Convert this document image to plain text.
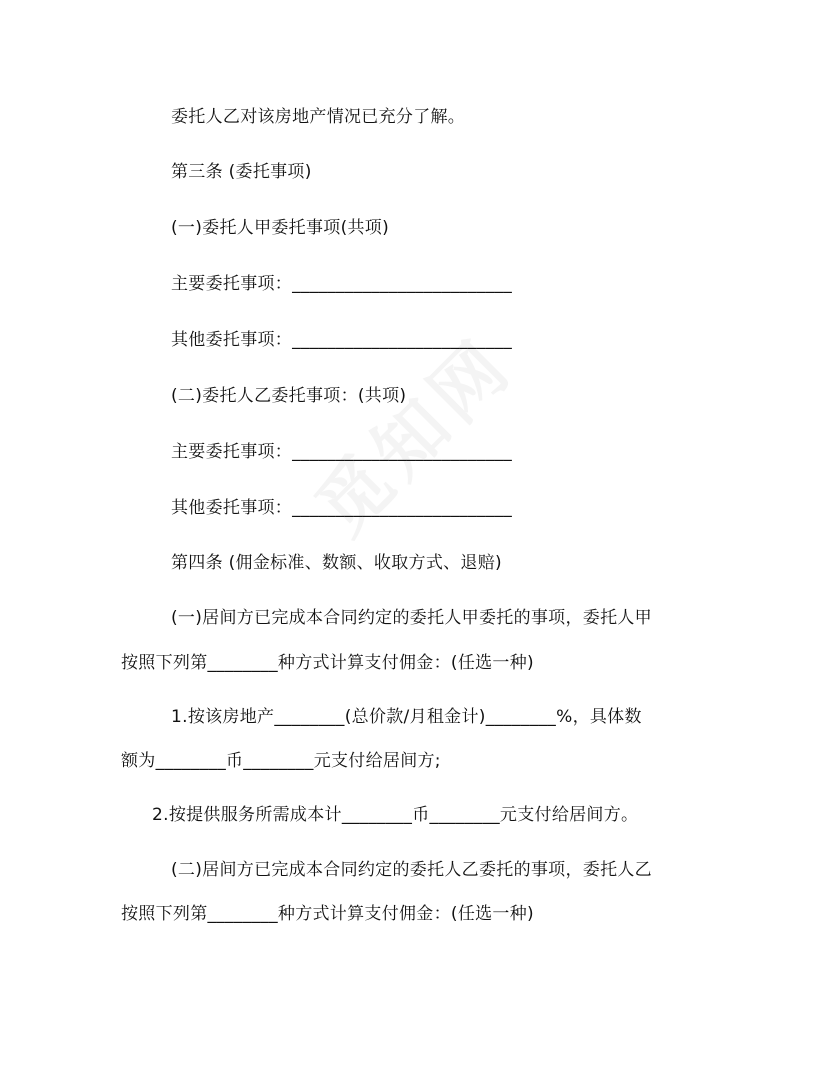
委托人乙对该房地产情况已充分了解。
第三条 (委托事项)
(一)委托人甲委托事项(共项)
主要委托事项：_________________________
其他委托事项：_________________________
(二)委托人乙委托事项：(共项)
主要委托事项：_________________________
其他委托事项：_________________________
第四条 (佣金标准、数额、收取方式、退赔)
(一)居间方已完成本合同约定的委托人甲委托的事项，委托人甲
按照下列第________种方式计算支付佣金：(任选一种)
1.按该房地产________(总价款/月租金计)________%，具体数
额为________币________元支付给居间方;
2.按提供服务所需成本计________币________元支付给居间方。
(二)居间方已完成本合同约定的委托人乙委托的事项，委托人乙
按照下列第________种方式计算支付佣金：(任选一种)
